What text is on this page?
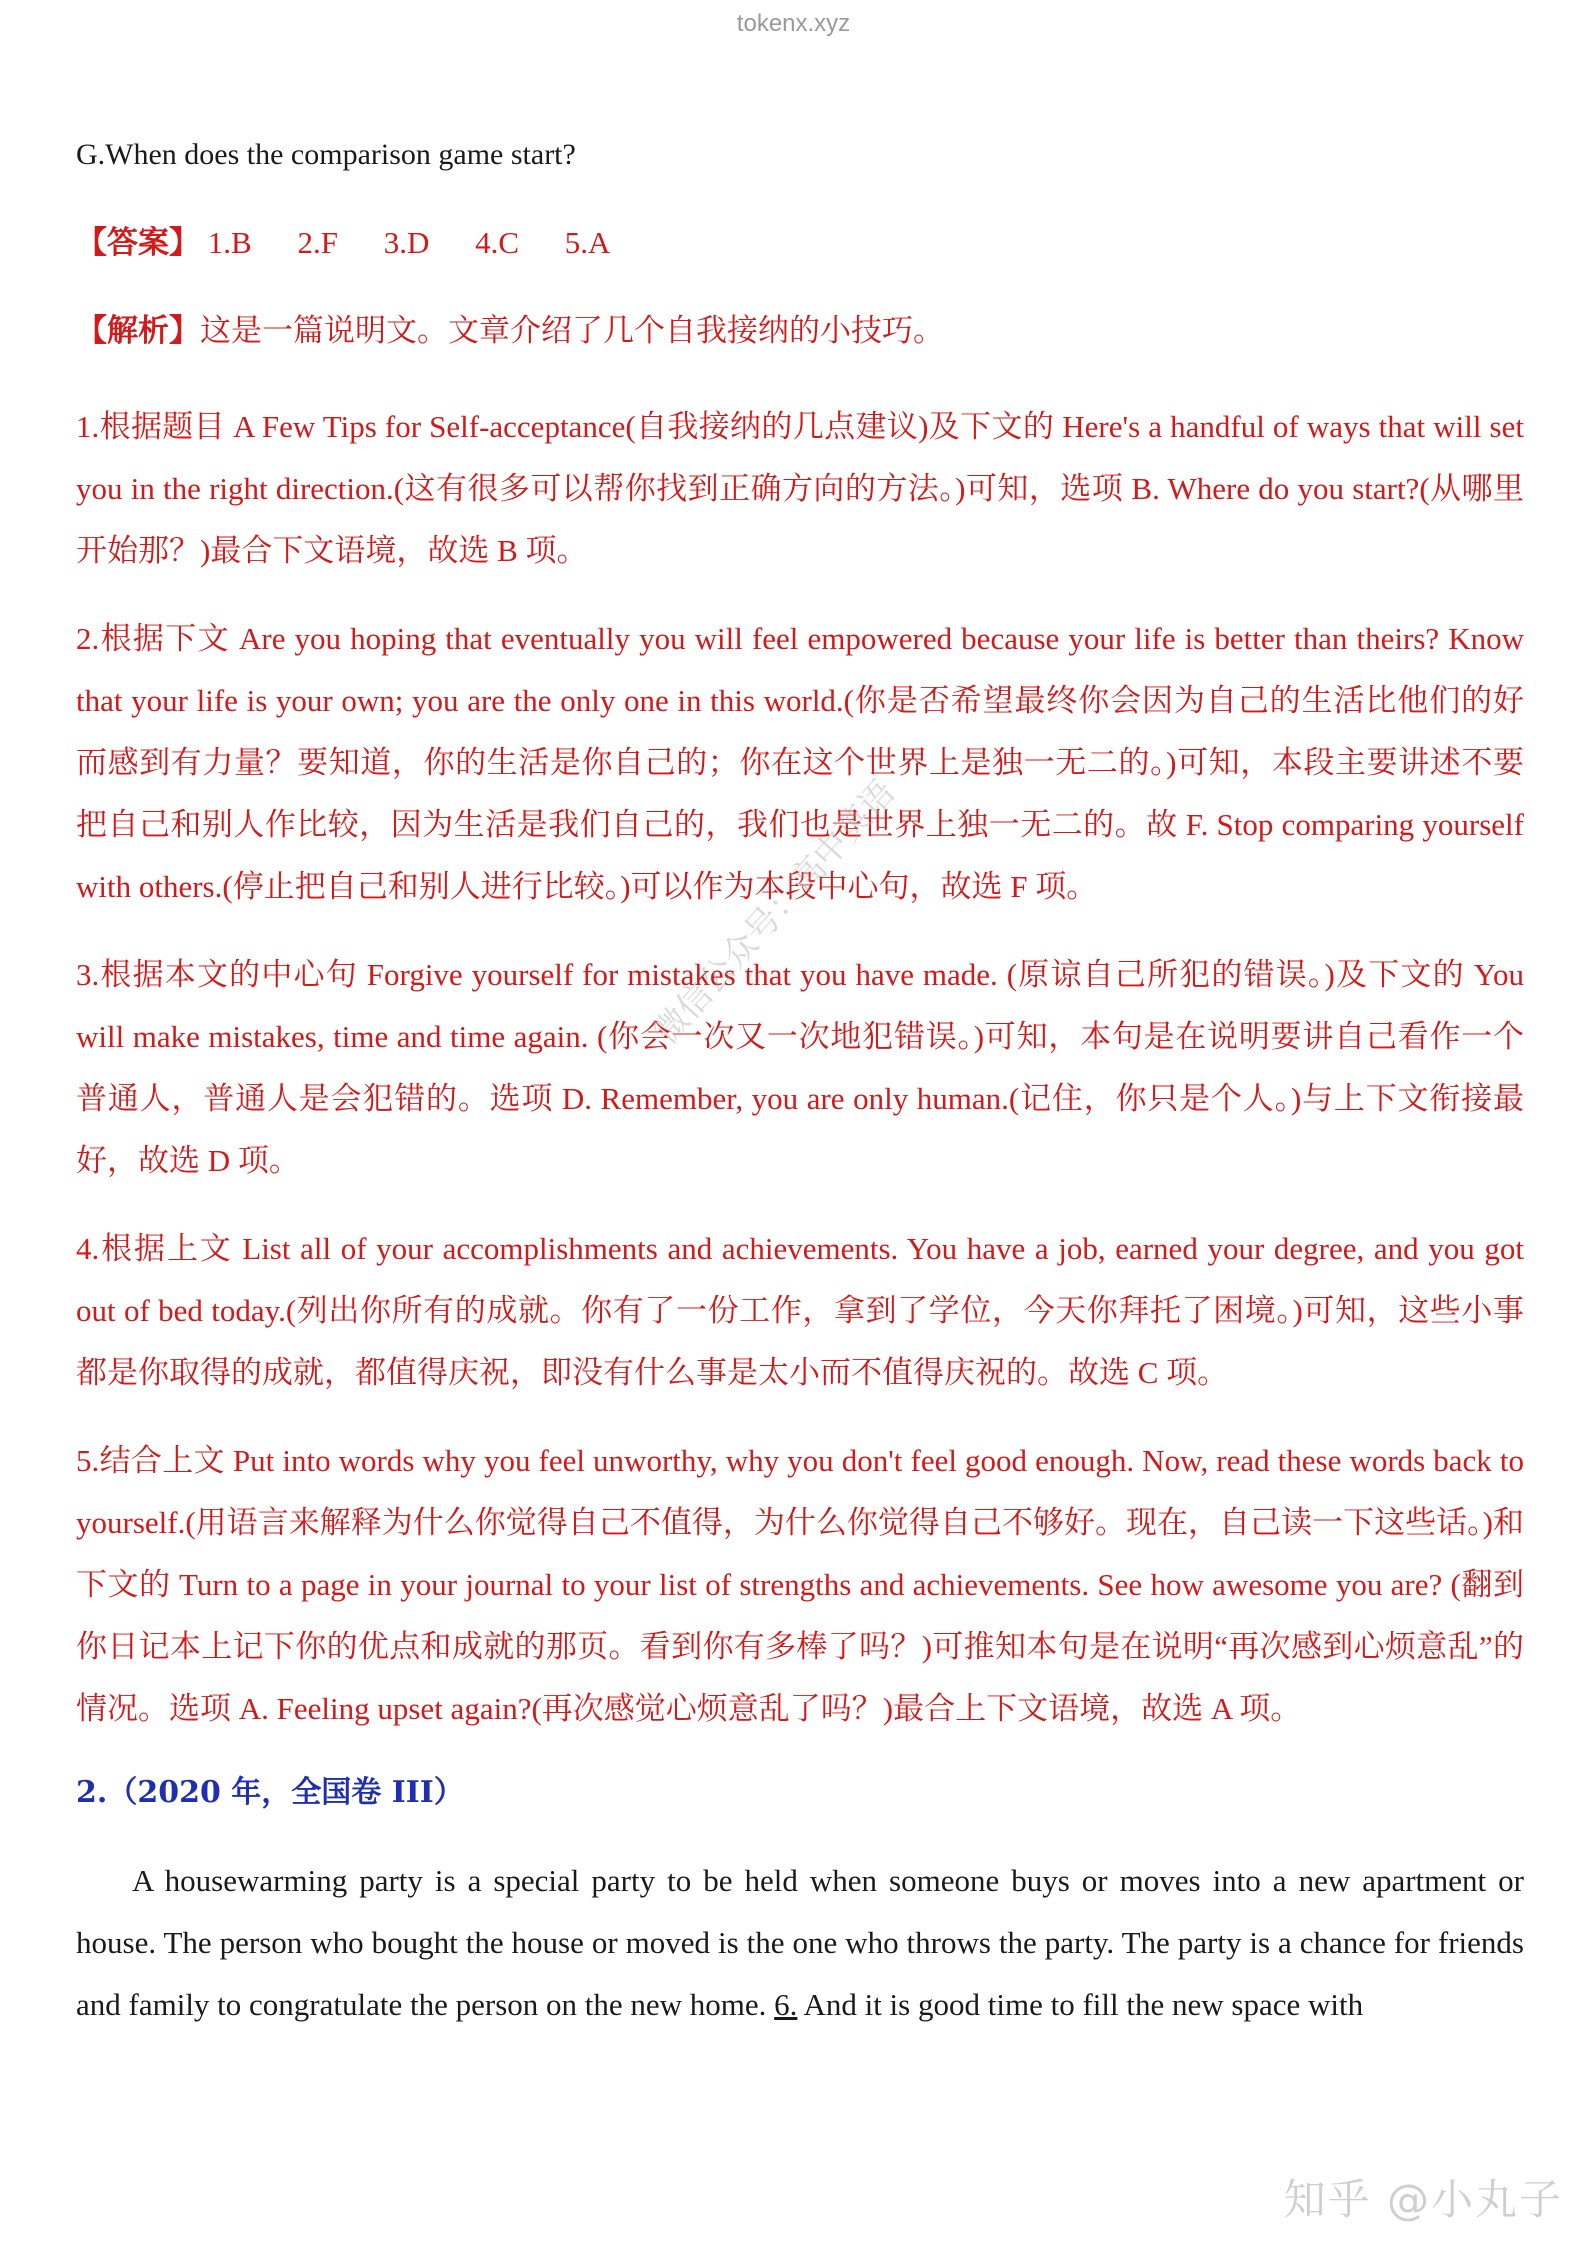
tokenx.xyz

G.When does the comparison game start?

【答案】 1.B 2.F 3.D 4.C 5.A

【解析】这是一篇说明文。文章介绍了几个自我接纳的小技巧。

1.根据题目 A Few Tips for Self-acceptance(自我接纳的几点建议)及下文的 Here's a handful of ways that will set you in the right direction.(这有很多可以帮你找到正确方向的方法。)可知，选项 B. Where do you start?(从哪里开始那？)最合下文语境，故选 B 项。

2.根据下文 Are you hoping that eventually you will feel empowered because your life is better than theirs? Know that your life is your own; you are the only one in this world.(你是否希望最终你会因为自己的生活比他们的好而感到有力量？要知道，你的生活是你自己的；你在这个世界上是独一无二的。)可知，本段主要讲述不要把自己和别人作比较，因为生活是我们自己的，我们也是世界上独一无二的。故 F. Stop comparing yourself with others.(停止把自己和别人进行比较。)可以作为本段中心句，故选 F 项。

3.根据本文的中心句 Forgive yourself for mistakes that you have made. (原谅自己所犯的错误。)及下文的 You will make mistakes, time and time again. (你会一次又一次地犯错误。)可知，本句是在说明要讲自己看作一个普通人，普通人是会犯错的。选项 D. Remember, you are only human.(记住，你只是个人。)与上下文衔接最好，故选 D 项。

4.根据上文 List all of your accomplishments and achievements. You have a job, earned your degree, and you got out of bed today.(列出你所有的成就。你有了一份工作，拿到了学位，今天你拜托了困境。)可知，这些小事都是你取得的成就，都值得庆祝，即没有什么事是太小而不值得庆祝的。故选 C 项。

5.结合上文 Put into words why you feel unworthy, why you don't feel good enough. Now, read these words back to yourself.(用语言来解释为什么你觉得自己不值得，为什么你觉得自己不够好。现在，自己读一下这些话。)和下文的 Turn to a page in your journal to your list of strengths and achievements. See how awesome you are? (翻到你日记本上记下你的优点和成就的那页。看到你有多棒了吗？)可推知本句是在说明“再次感到心烦意乱”的情况。选项 A. Feeling upset again?(再次感觉心烦意乱了吗？)最合上下文语境，故选 A 项。

2.（2020 年，全国卷 III）

A housewarming party is a special party to be held when someone buys or moves into a new apartment or house. The person who bought the house or moved is the one who throws the party. The party is a chance for friends and family to congratulate the person on the new home. 6. And it is good time to fill the new space with

微信公众号：高中英语
知乎 @小丸子
